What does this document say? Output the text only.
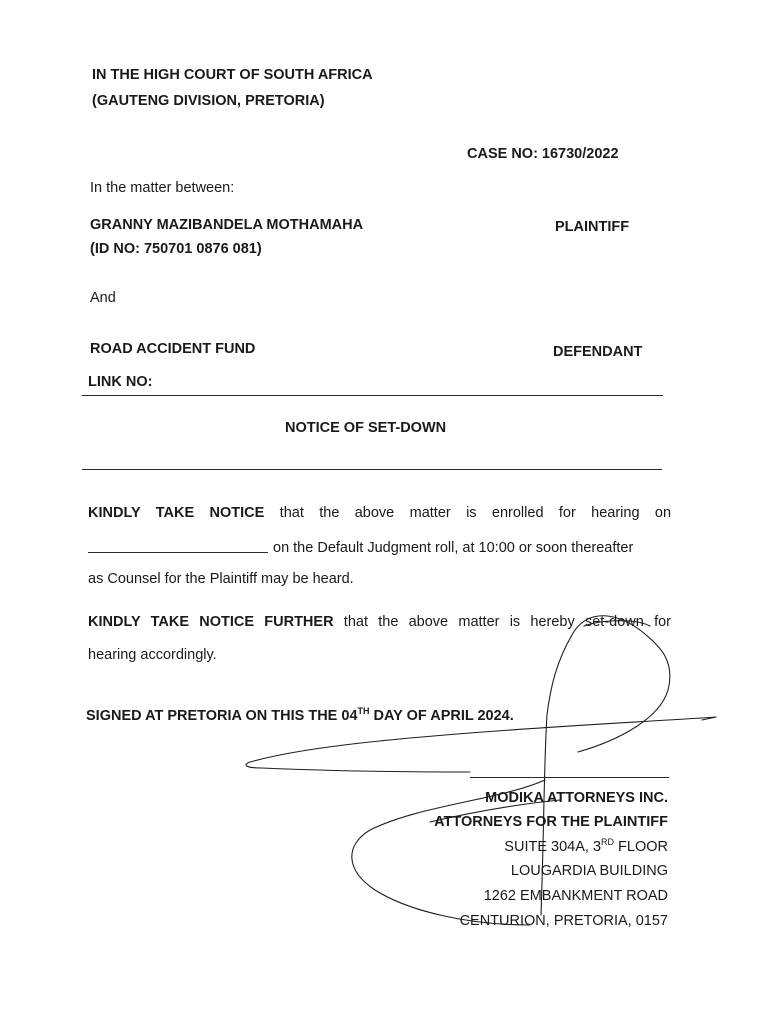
IN THE HIGH COURT OF SOUTH AFRICA
(GAUTENG DIVISION, PRETORIA)
CASE NO: 16730/2022
In the matter between:
GRANNY MAZIBANDELA MOTHAMAHA	PLAINTIFF
(ID NO: 750701 0876 081)
And
ROAD ACCIDENT FUND	DEFENDANT
LINK NO:
NOTICE OF SET-DOWN
KINDLY TAKE NOTICE that the above matter is enrolled for hearing on
on the Default Judgment roll, at 10:00 or soon thereafter
as Counsel for the Plaintiff may be heard.
KINDLY TAKE NOTICE FURTHER that the above matter is hereby set-down for
hearing accordingly.
SIGNED AT PRETORIA ON THIS THE 04TH DAY OF APRIL 2024.
MODIKA ATTORNEYS INC.
ATTORNEYS FOR THE PLAINTIFF
SUITE 304A, 3RD FLOOR
LOUGARDIA BUILDING
1262 EMBANKMENT ROAD
CENTURION, PRETORIA, 0157
